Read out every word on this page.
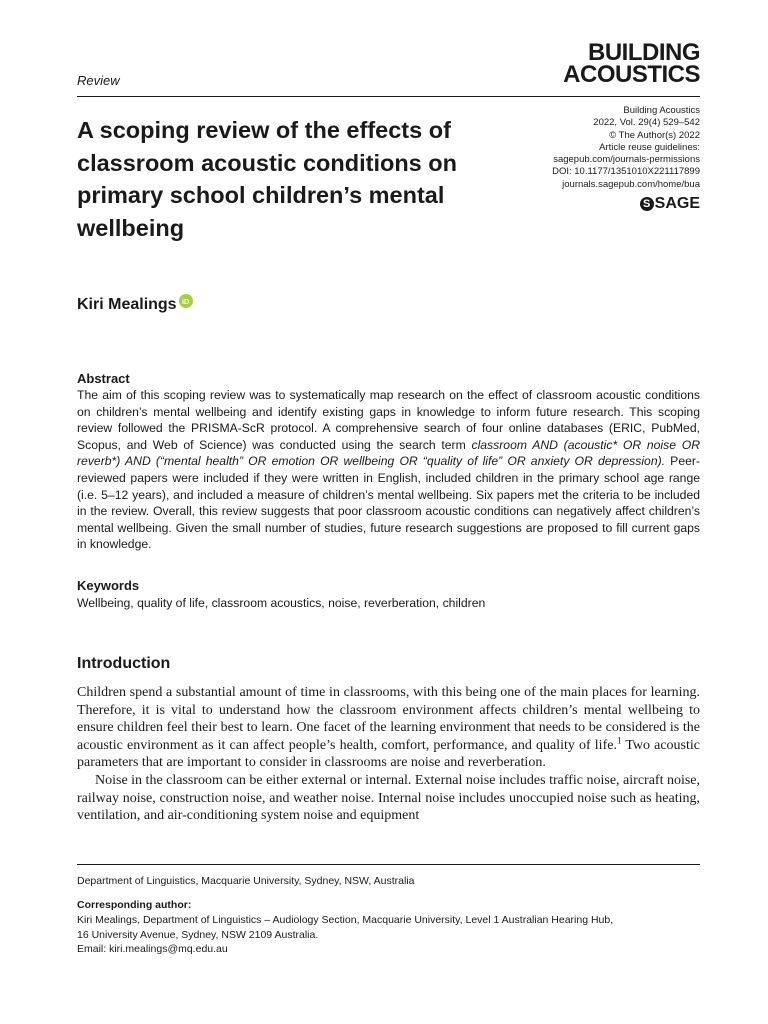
Review
BUILDING
ACOUSTICS
A scoping review of the effects of classroom acoustic conditions on primary school children’s mental wellbeing
Building Acoustics
2022, Vol. 29(4) 529–542
© The Author(s) 2022
Article reuse guidelines:
sagepub.com/journals-permissions
DOI: 10.1177/1351010X221117899
journals.sagepub.com/home/bua
S SAGE
Kiri Mealings iD
Abstract
The aim of this scoping review was to systematically map research on the effect of classroom acoustic conditions on children’s mental wellbeing and identify existing gaps in knowledge to inform future research. This scoping review followed the PRISMA-ScR protocol. A comprehensive search of four online databases (ERIC, PubMed, Scopus, and Web of Science) was conducted using the search term classroom AND (acoustic* OR noise OR reverb*) AND (“mental health” OR emotion OR wellbeing OR “quality of life” OR anxiety OR depression). Peer-reviewed papers were included if they were written in English, included children in the primary school age range (i.e. 5–12 years), and included a measure of children’s mental wellbeing. Six papers met the criteria to be included in the review. Overall, this review suggests that poor classroom acoustic conditions can negatively affect children’s mental wellbeing. Given the small number of studies, future research suggestions are proposed to fill current gaps in knowledge.
Keywords
Wellbeing, quality of life, classroom acoustics, noise, reverberation, children
Introduction

Children spend a substantial amount of time in classrooms, with this being one of the main places for learning. Therefore, it is vital to understand how the classroom environment affects children’s mental wellbeing to ensure children feel their best to learn. One facet of the learning environment that needs to be considered is the acoustic environment as it can affect people’s health, comfort, performance, and quality of life.$^1$ Two acoustic parameters that are important to consider in classrooms are noise and reverberation.

Noise in the classroom can be either external or internal. External noise includes traffic noise, aircraft noise, railway noise, construction noise, and weather noise. Internal noise includes unoccupied noise such as heating, ventilation, and air-conditioning system noise and equipment

Department of Linguistics, Macquarie University, Sydney, NSW, Australia
Corresponding author:
Kiri Mealings, Department of Linguistics – Audiology Section, Macquarie University, Level 1 Australian Hearing Hub,
16 University Avenue, Sydney, NSW 2109 Australia.
Email: kiri.mealings@mq.edu.au
